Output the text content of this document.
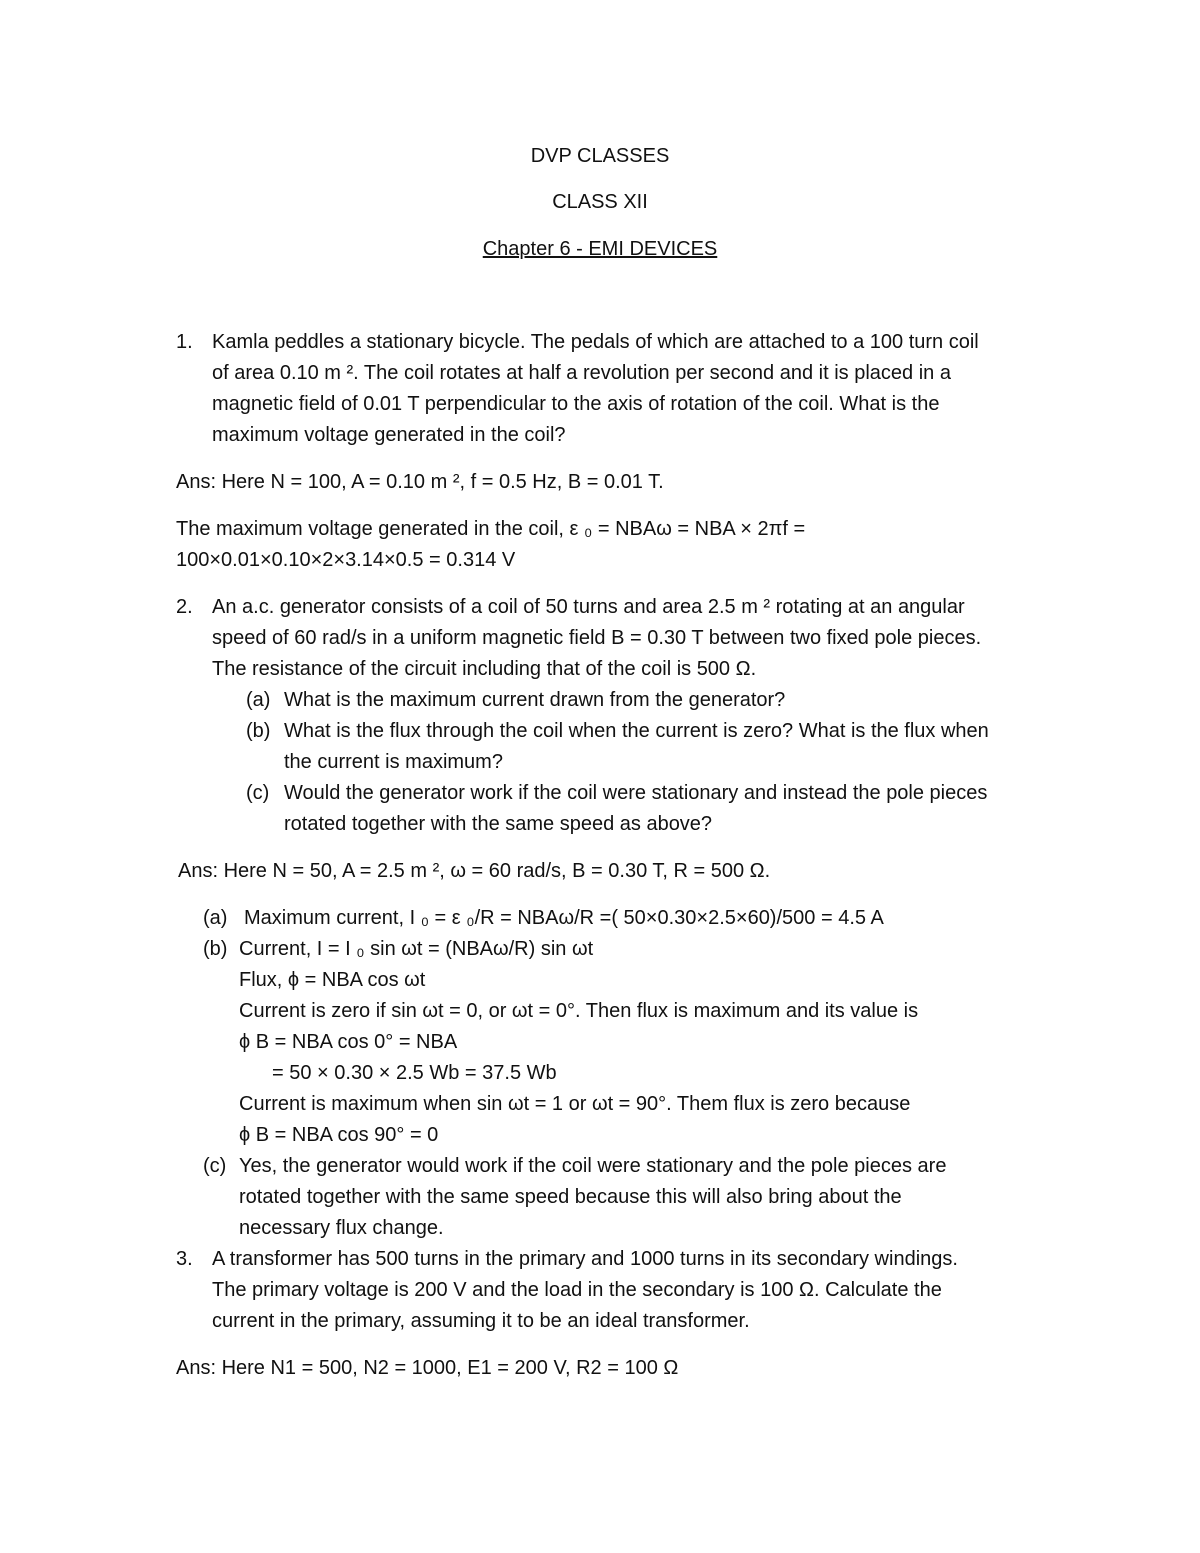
DVP CLASSES
CLASS XII
Chapter 6 - EMI DEVICES
1. Kamla peddles a stationary bicycle. The pedals of which are attached to a 100 turn coil
of area 0.10 m ². The coil rotates at half a revolution per second and it is placed in a
magnetic field of 0.01 T perpendicular to the axis of rotation of the coil. What is the
maximum voltage generated in the coil?
Ans: Here N = 100, A = 0.10 m ², f = 0.5 Hz, B = 0.01 T.
The maximum voltage generated in the coil, ε ₀ = NBAω = NBA × 2πf =
100×0.01×0.10×2×3.14×0.5 = 0.314 V
2. An a.c. generator consists of a coil of 50 turns and area 2.5 m ² rotating at an angular
speed of 60 rad/s in a uniform magnetic field B = 0.30 T between two fixed pole pieces.
The resistance of the circuit including that of the coil is 500 Ω.
(a) What is the maximum current drawn from the generator?
(b) What is the flux through the coil when the current is zero? What is the flux when
the current is maximum?
(c) Would the generator work if the coil were stationary and instead the pole pieces
rotated together with the same speed as above?
Ans: Here N = 50, A = 2.5 m ², ω = 60 rad/s, B = 0.30 T, R = 500 Ω.
(a) Maximum current, I ₀ = ε ₀/R = NBAω/R =( 50×0.30×2.5×60)/500 = 4.5 A
(b) Current, I = I ₀ sin ωt = (NBAω/R) sin ωt
Flux, ϕ = NBA cos ωt
Current is zero if sin ωt = 0, or ωt = 0°. Then flux is maximum and its value is
ϕ B = NBA cos 0° = NBA
= 50 × 0.30 × 2.5 Wb = 37.5 Wb
Current is maximum when sin ωt = 1 or ωt = 90°. Them flux is zero because
ϕ B = NBA cos 90° = 0
(c) Yes, the generator would work if the coil were stationary and the pole pieces are
rotated together with the same speed because this will also bring about the
necessary flux change.
3. A transformer has 500 turns in the primary and 1000 turns in its secondary windings.
The primary voltage is 200 V and the load in the secondary is 100 Ω. Calculate the
current in the primary, assuming it to be an ideal transformer.
Ans: Here N1 = 500, N2 = 1000, E1 = 200 V, R2 = 100 Ω
